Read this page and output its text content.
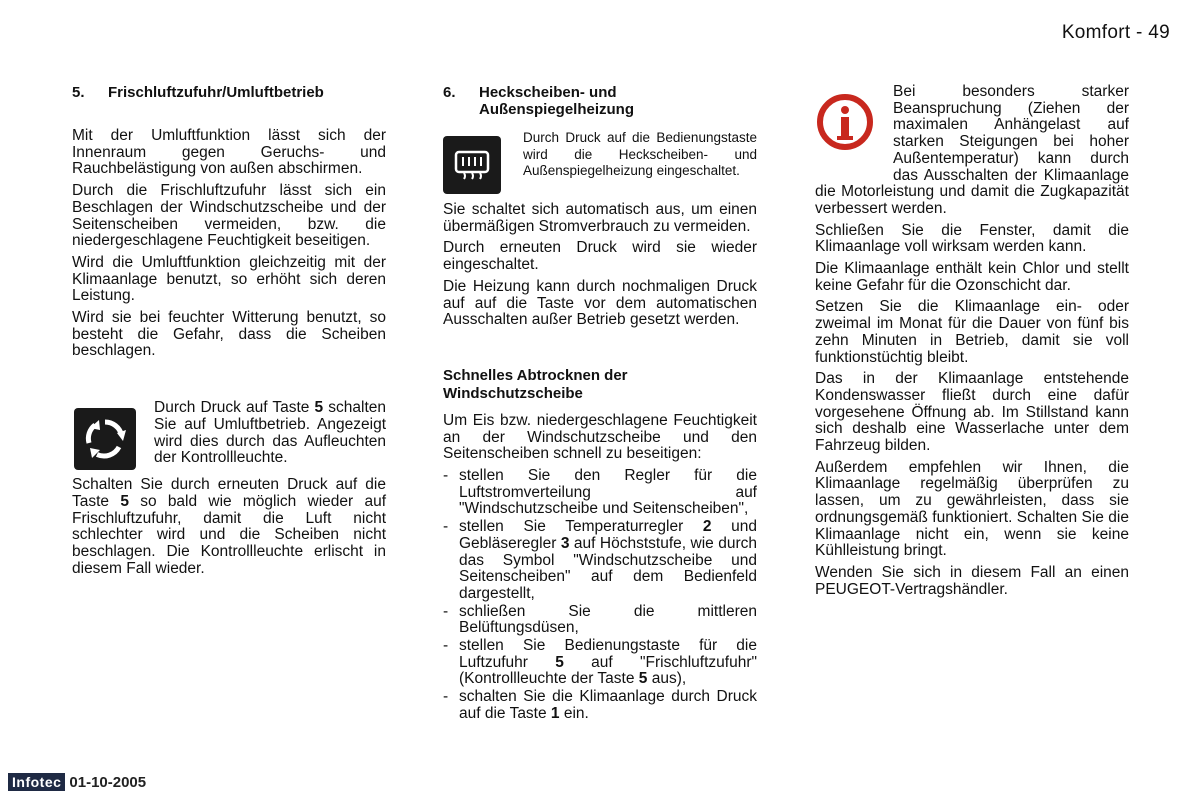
Komfort - 49
5.	Frischluftzufuhr/Umluftbetrieb

Mit der Umluftfunktion lässt sich der Innenraum gegen Geruchs- und Rauchbelästigung von außen abschirmen.

Durch die Frischluftzufuhr lässt sich ein Beschlagen der Windschutzscheibe und der Seitenscheiben vermeiden, bzw. die niedergeschlagene Feuchtigkeit beseitigen.

Wird die Umluftfunktion gleichzeitig mit der Klimaanlage benutzt, so erhöht sich deren Leistung.

Wird sie bei feuchter Witterung benutzt, so besteht die Gefahr, dass die Scheiben beschlagen.

Durch Druck auf Taste 5 schalten Sie auf Umluftbetrieb. Angezeigt wird dies durch das Aufleuchten der Kontrollleuchte.

Schalten Sie durch erneuten Druck auf die Taste 5 so bald wie möglich wieder auf Frischluftzufuhr, damit die Luft nicht schlechter wird und die Scheiben nicht beschlagen. Die Kontrollleuchte erlischt in diesem Fall wieder.

6.	Heckscheiben- und Außenspiegelheizung
Durch Druck auf die Bedienungstaste wird die Heckscheiben- und Außenspiegelheizung eingeschaltet.

Sie schaltet sich automatisch aus, um einen übermäßigen Stromverbrauch zu vermeiden.

Durch erneuten Druck wird sie wieder eingeschaltet.

Die Heizung kann durch nochmaligen Druck auf auf die Taste vor dem automatischen Ausschalten außer Betrieb gesetzt werden.

Schnelles Abtrocknen der Windschutzscheibe

Um Eis bzw. niedergeschlagene Feuchtigkeit an der Windschutzscheibe und den Seitenscheiben schnell zu beseitigen:

- stellen Sie den Regler für die Luftstromverteilung auf "Windschutzscheibe und Seitenscheiben",
- stellen Sie Temperaturregler 2 und Gebläseregler 3 auf Höchststufe, wie durch das Symbol "Windschutzscheibe und Seitenscheiben" auf dem Bedienfeld dargestellt,
- schließen Sie die mittleren Belüftungsdüsen,
- stellen Sie Bedienungstaste für die Luftzufuhr 5 auf "Frischluftzufuhr" (Kontrollleuchte der Taste 5 aus),
- schalten Sie die Klimaanlage durch Druck auf die Taste 1 ein.

Bei besonders starker Beanspruchung (Ziehen der maximalen Anhängelast auf starken Steigungen bei hoher Außentemperatur) kann durch das Ausschalten der Klimaanlage die Motorleistung und damit die Zugkapazität verbessert werden.

Schließen Sie die Fenster, damit die Klimaanlage voll wirksam werden kann.

Die Klimaanlage enthält kein Chlor und stellt keine Gefahr für die Ozonschicht dar.

Setzen Sie die Klimaanlage ein- oder zweimal im Monat für die Dauer von fünf bis zehn Minuten in Betrieb, damit sie voll funktionstüchtig bleibt.

Das in der Klimaanlage entstehende Kondenswasser fließt durch eine dafür vorgesehene Öffnung ab. Im Stillstand kann sich deshalb eine Wasserlache unter dem Fahrzeug bilden.

Außerdem empfehlen wir Ihnen, die Klimaanlage regelmäßig überprüfen zu lassen, um zu gewährleisten, dass sie ordnungsgemäß funktioniert. Schalten Sie die Klimaanlage nicht ein, wenn sie keine Kühlleistung bringt.

Wenden Sie sich in diesem Fall an einen PEUGEOT-Vertragshändler.

Infotec 01-10-2005
